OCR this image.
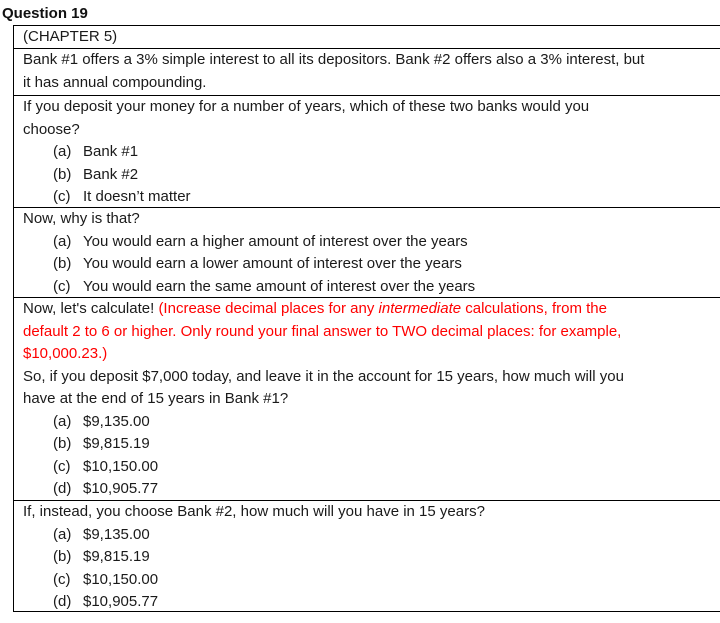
Question 19
(CHAPTER 5)
Bank #1 offers a 3% simple interest to all its depositors. Bank #2 offers also a 3% interest, but
it has annual compounding.
If you deposit your money for a number of years, which of these two banks would you
choose?
(a) Bank #1
(b) Bank #2
(c) It doesn’t matter
Now, why is that?
(a) You would earn a higher amount of interest over the years
(b) You would earn a lower amount of interest over the years
(c) You would earn the same amount of interest over the years
Now, let's calculate! (Increase decimal places for any intermediate calculations, from the
default 2 to 6 or higher. Only round your final answer to TWO decimal places: for example,
$10,000.23.)
So, if you deposit $7,000 today, and leave it in the account for 15 years, how much will you
have at the end of 15 years in Bank #1?
(a) $9,135.00
(b) $9,815.19
(c) $10,150.00
(d) $10,905.77
If, instead, you choose Bank #2, how much will you have in 15 years?
(a) $9,135.00
(b) $9,815.19
(c) $10,150.00
(d) $10,905.77
